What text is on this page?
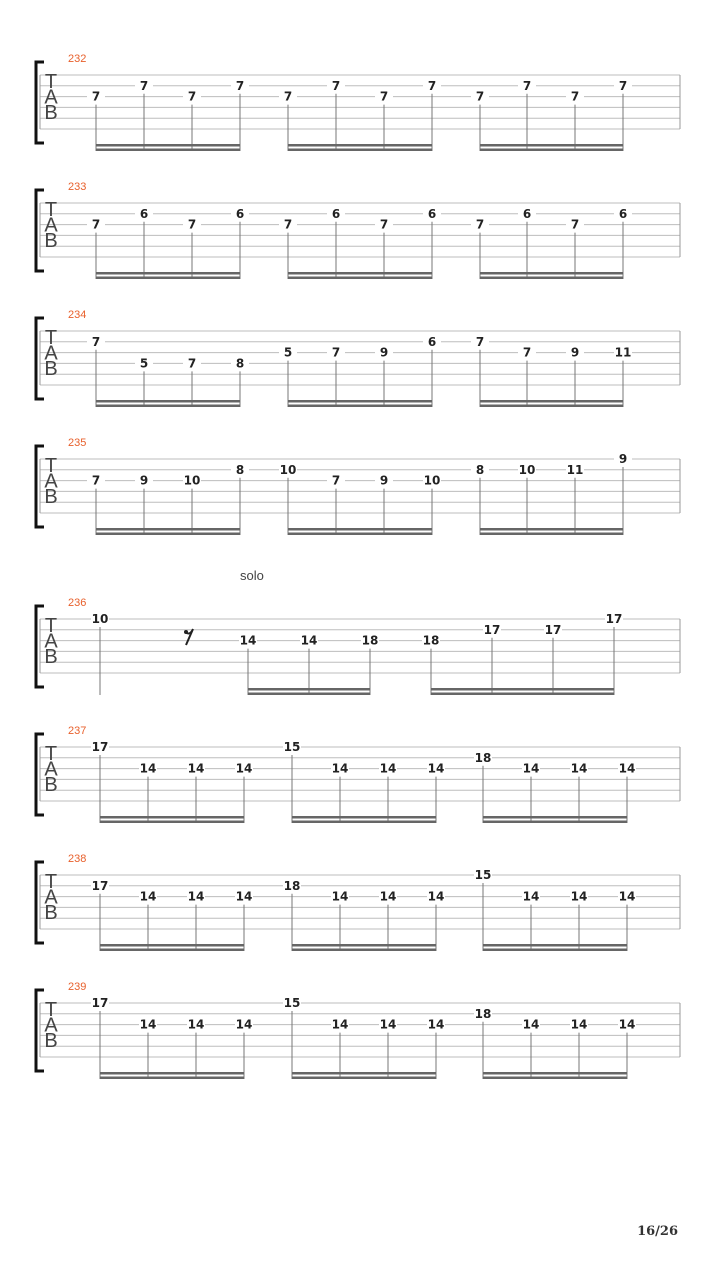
16/26
T
A
B
232
7
7
7
7
7
7
7
7
7
7
7
7
T
A
B
233
7
6
7
6
7
6
7
6
7
6
7
6
T
A
B
234
7
5	7	8
5	7	9
6	7
7	9	11
T
A
B
235
7	9	10
8	10
7	9	10
8	10	11
9
T
A
B
236
solo
10
14	14	18	18
17	17
17
T
A
B
237
17
14	14	14
15
14	14	14
18
14	14	14
T
A
B
238
17
14	14	14
18
14	14	14
15
14	14	14
T
A
B
239
17
14	14	14
15
14	14	14
18
14	14	14
